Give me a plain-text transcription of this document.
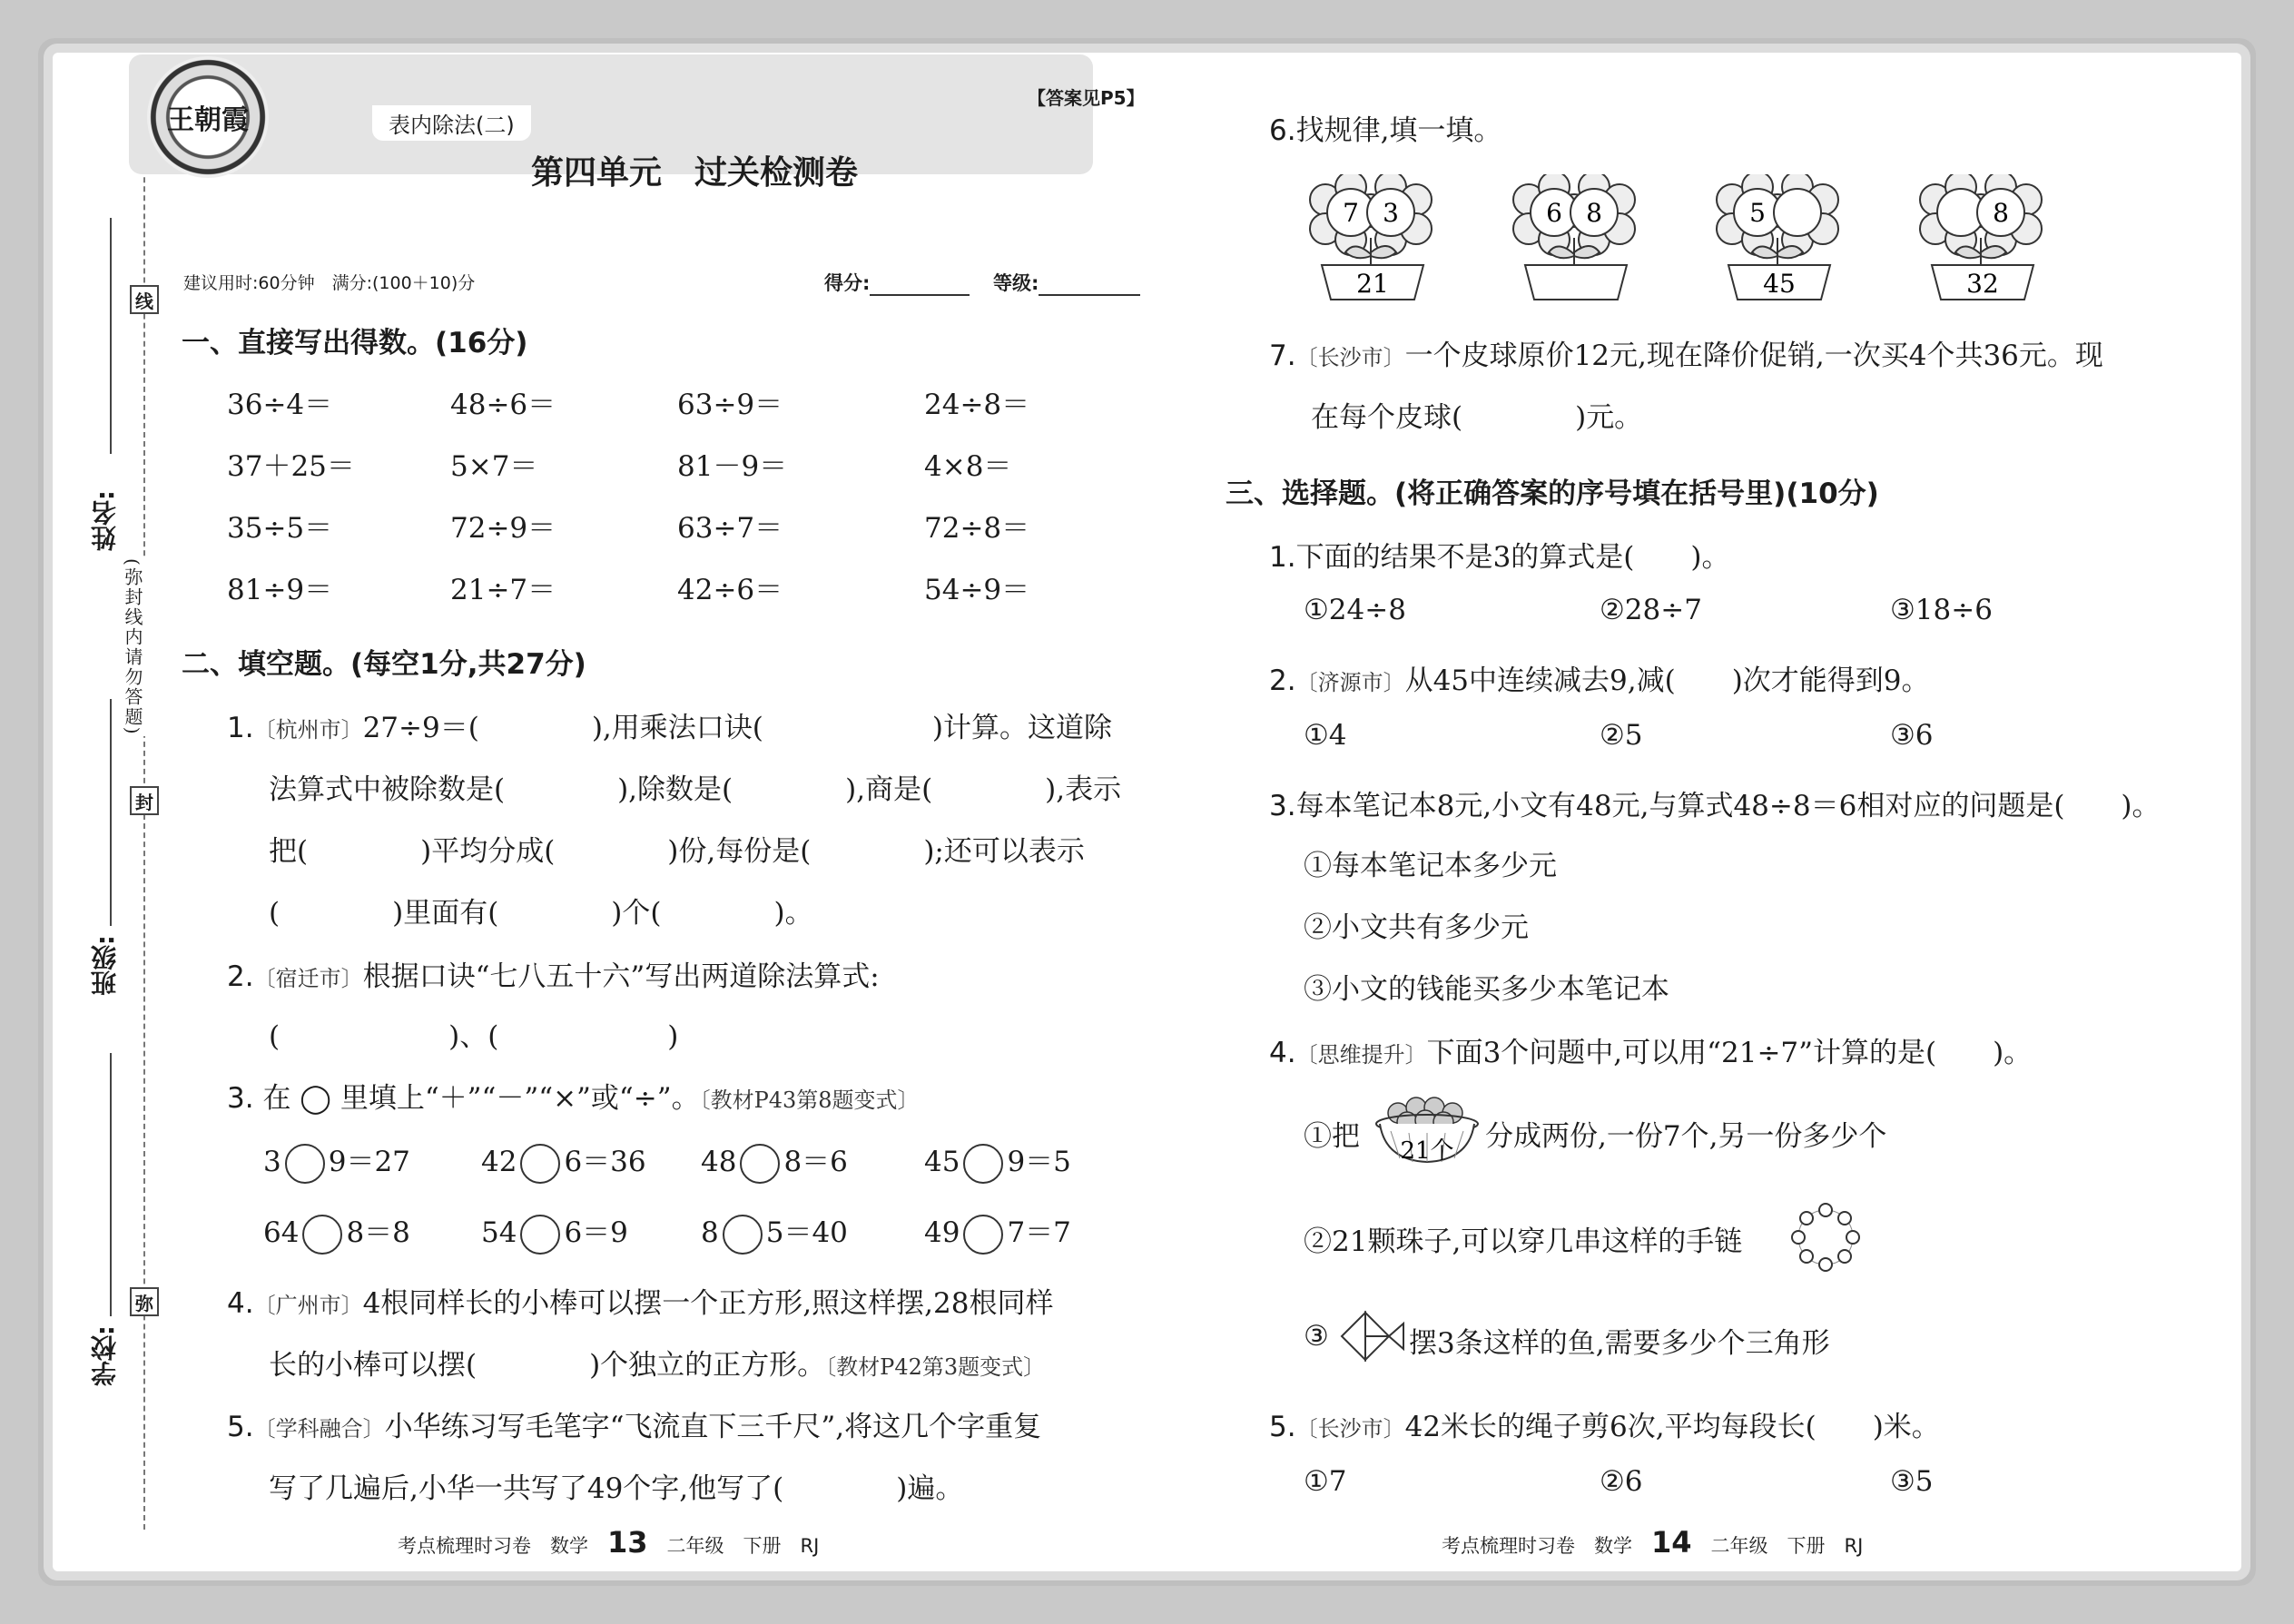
姓名:
班级:
学校:
线
封
弥
(弥封线内请勿答题)
王朝霞	表内除法(二)
【答案见P5】
第四单元　过关检测卷
建议用时:60分钟　满分:(100＋10)分	得分:	等级:
一、直接写出得数。(16分)
36÷4＝	48÷6＝	63÷9＝	24÷8＝
37＋25＝	5×7＝	81－9＝	4×8＝
35÷5＝	72÷9＝	63÷7＝	72÷8＝
81÷9＝	21÷7＝	42÷6＝	54÷9＝
二、填空题。(每空1分,共27分)
1.〔杭州市〕27÷9＝(　　　　),用乘法口诀(　　　　　　)计算。这道除
法算式中被除数是(　　　　),除数是(　　　　),商是(　　　　),表示
把(　　　　)平均分成(　　　　)份,每份是(　　　　);还可以表示
(　　　　)里面有(　　　　)个(　　　　)。
2.〔宿迁市〕根据口诀“七八五十六”写出两道除法算式:
(　　　　　　)、(　　　　　　)
3. 在 ◯ 里填上“＋”“－”“×”或“÷”。〔教材P43第8题变式〕
3 9＝27	42 6＝36 48 8＝6	45 9＝5
64 8＝8	54 6＝9	8 5＝40	49 7＝7
4.〔广州市〕4根同样长的小棒可以摆一个正方形,照这样摆,28根同样
长的小棒可以摆(　　　　)个独立的正方形。〔教材P42第3题变式〕
5.〔学科融合〕小华练习写毛笔字“飞流直下三千尺”,将这几个字重复
写了几遍后,小华一共写了49个字,他写了(　　　　)遍。
考点梳理时习卷　数学　 13　 二年级　下册　RJ
6.找规律,填一填。
7 3
21
6 8	5
45
8
32
7.〔长沙市〕一个皮球原价12元,现在降价促销,一次买4个共36元。现
在每个皮球(　　　　)元。
三、选择题。(将正确答案的序号填在括号里)(10分)
1.下面的结果不是3的算式是(　　)。
①24÷8	②28÷7	③18÷6
2.〔济源市〕从45中连续减去9,减(　　)次才能得到9。
①4	②5	③6
3.每本笔记本8元,小文有48元,与算式48÷8＝6相对应的问题是(　　)。
①每本笔记本多少元
②小文共有多少元
③小文的钱能买多少本笔记本
4.〔思维提升〕下面3个问题中,可以用“21÷7”计算的是(　　)。
①把 21个 分成两份,一份7个,另一份多少个
②21颗珠子,可以穿几串这样的手链
③	摆3条这样的鱼,需要多少个三角形
5.〔长沙市〕42米长的绳子剪6次,平均每段长(　　)米。
①7	②6	③5
考点梳理时习卷　数学　 14　 二年级　下册　RJ
